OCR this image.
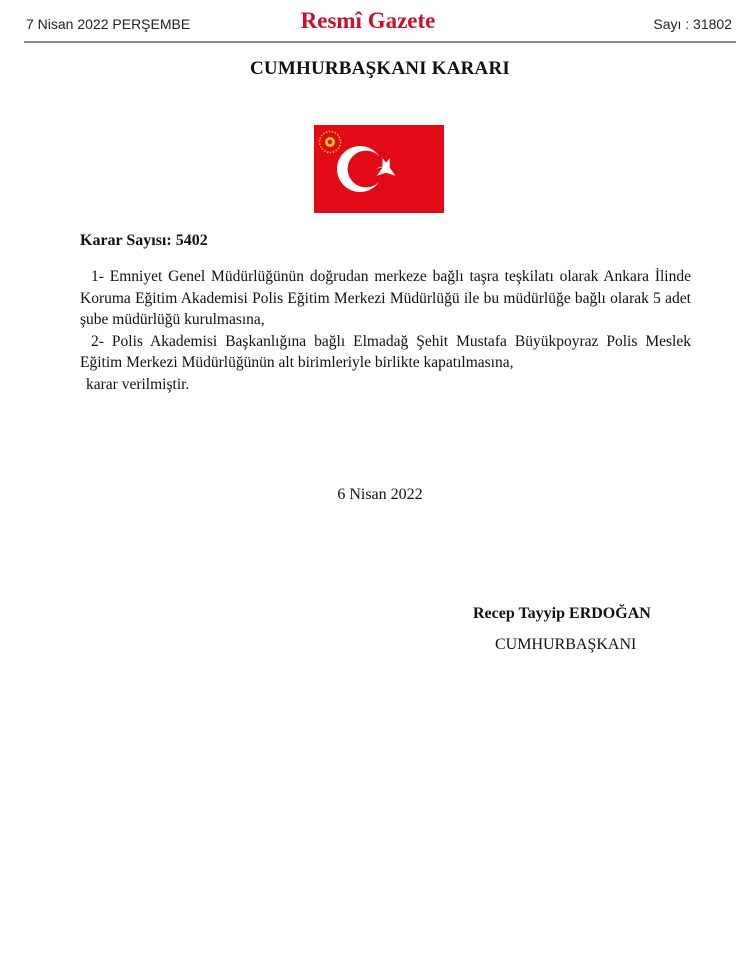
7 Nisan 2022 PERŞEMBE	Resmî Gazete	Sayı : 31802
CUMHURBAŞKANI KARARI
Karar Sayısı: 5402

1- Emniyet Genel Müdürlüğünün doğrudan merkeze bağlı taşra teşkilatı olarak Ankara İlinde Koruma Eğitim Akademisi Polis Eğitim Merkezi Müdürlüğü ile bu müdürlüğe bağlı olarak 5 adet şube müdürlüğü kurulmasına,

2- Polis Akademisi Başkanlığına bağlı Elmadağ Şehit Mustafa Büyükpoyraz Polis Meslek Eğitim Merkezi Müdürlüğünün alt birimleriyle birlikte kapatılmasına,

karar verilmiştir.

6 Nisan 2022
Recep Tayyip ERDOĞAN
CUMHURBAŞKANI
